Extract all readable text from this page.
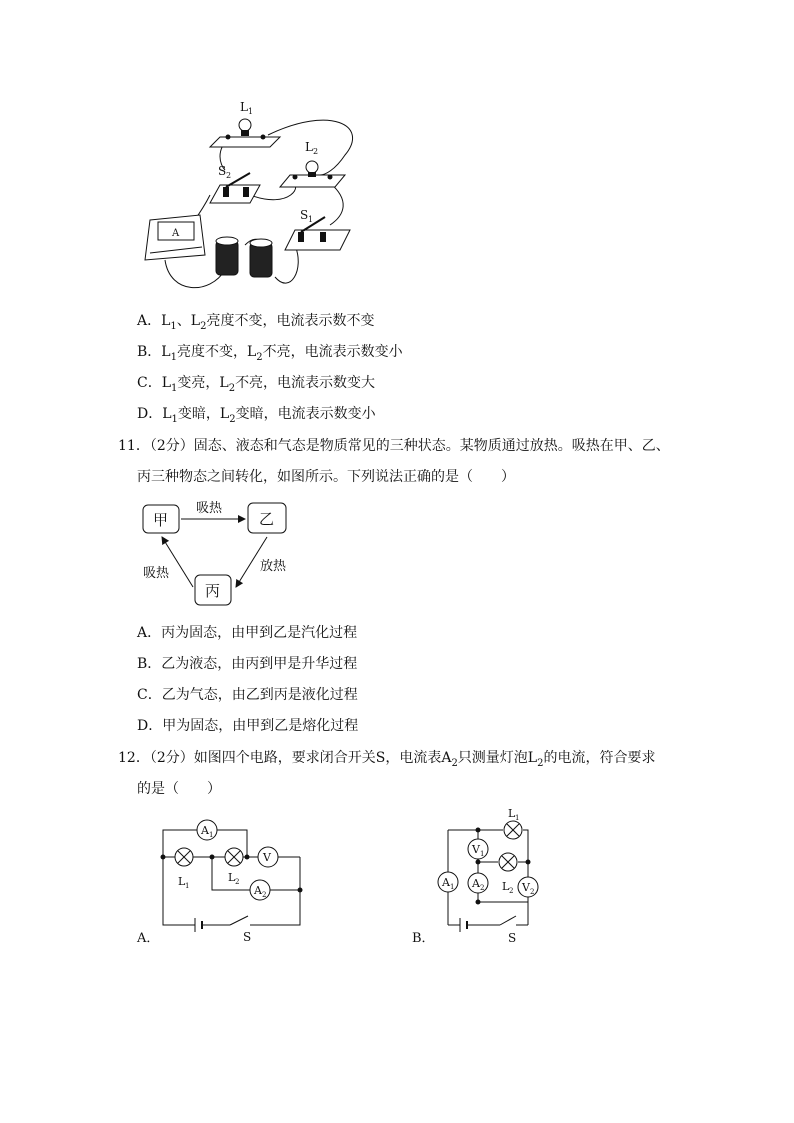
L 1
L 2
S 2
S 1
A
A．$L_1$、$L_2$亮度不变，电流表示数不变
B．$L_1$亮度不变，$L_2$不亮，电流表示数变小
C．$L_1$变亮，$L_2$不亮，电流表示数变大
D．$L_1$变暗，$L_2$变暗，电流表示数变小
11．（2分）固态、液态和气态是物质常见的三种状态。某物质通过放热。吸热在甲、乙、
丙三种物态之间转化，如图所示。下列说法正确的是（　　）
甲	乙
丙
吸热
放热
吸热
A．丙为固态，由甲到乙是汽化过程
B．乙为液态，由丙到甲是升华过程
C．乙为气态，由乙到丙是液化过程
D．甲为固态，由甲到乙是熔化过程
12．（2分）如图四个电路，要求闭合开关S，电流表$A_2$只测量灯泡$L_2$的电流，符合要求
的是（　　）
A 1
L 1
L 2
V
A 2
S
A．
L 1
V 1
L 2
A 1 A 2	V 2
S
B．
